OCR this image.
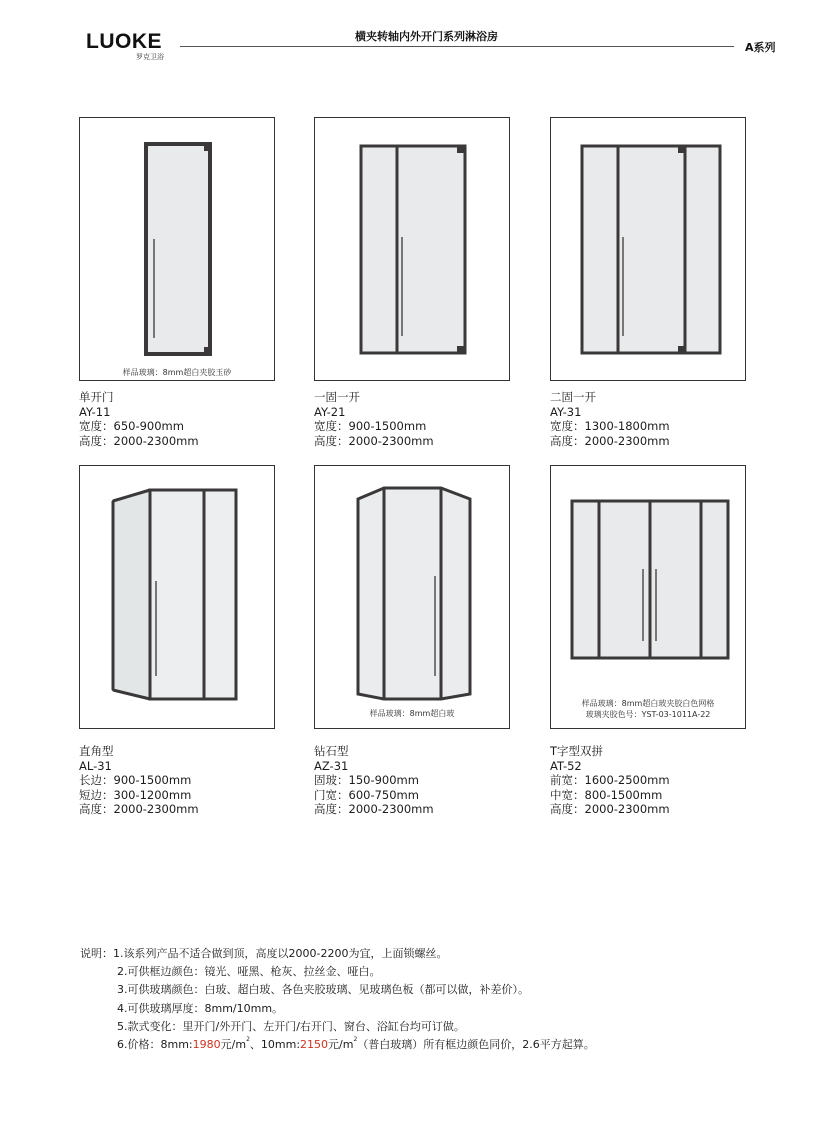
LUOKE
罗克卫浴
横夹转轴内外开门系列淋浴房
A系列
样品玻璃：8mm超白夹胶玉砂
样品玻璃：8mm超白玻
样品玻璃：8mm超白玻夹胶白色网格
玻璃夹胶色号：YST-03-1011A-22
单开门
AY-11
宽度：650-900mm
高度：2000-2300mm
一固一开
AY-21
宽度：900-1500mm
高度：2000-2300mm
二固一开
AY-31
宽度：1300-1800mm
高度：2000-2300mm
直角型
AL-31
长边：900-1500mm
短边：300-1200mm
高度：2000-2300mm
钻石型
AZ-31
固玻：150-900mm
门宽：600-750mm
高度：2000-2300mm
T字型双拼
AT-52
前宽：1600-2500mm
中宽：800-1500mm
高度：2000-2300mm
说明：1.该系列产品不适合做到顶，高度以2000-2200为宜，上面锁螺丝。
2.可供框边颜色：镜光、哑黑、枪灰、拉丝金、哑白。
3.可供玻璃颜色：白玻、超白玻、各色夹胶玻璃、见玻璃色板（都可以做，补差价）。
4.可供玻璃厚度：8mm/10mm。
5.款式变化：里开门/外开门、左开门/右开门、窗台、浴缸台均可订做。
6.价格：8mm:1980元$/m^2$、10mm:2150元$/m^2$（普白玻璃）所有框边颜色同价，2.6平方起算。
